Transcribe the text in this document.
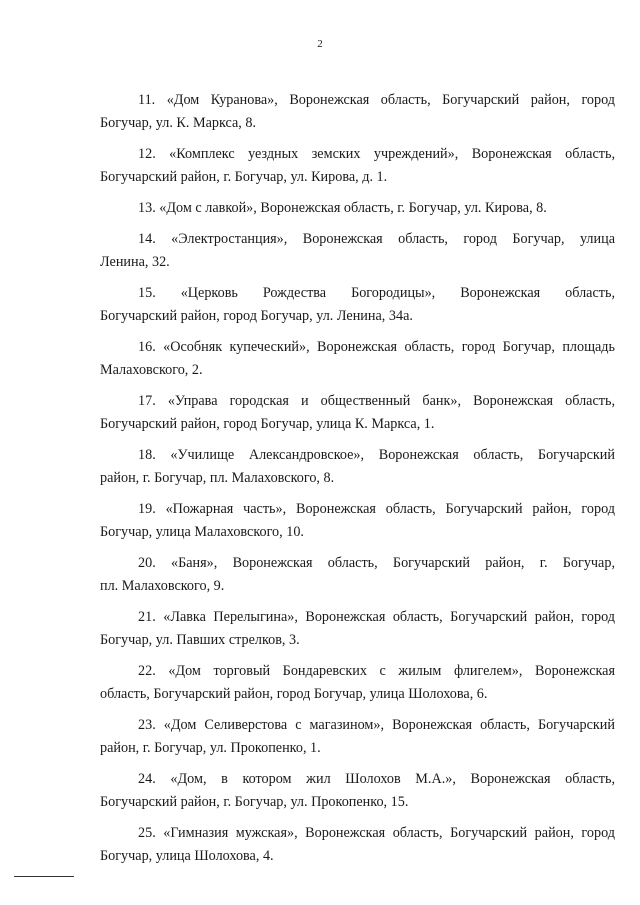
2

11. «Дом Куранова», Воронежская область, Богучарский район, город
Богучар, ул. К. Маркса, 8.

12. «Комплекс уездных земских учреждений», Воронежская область,
Богучарский район, г. Богучар, ул. Кирова, д. 1.

13. «Дом с лавкой», Воронежская область, г. Богучар, ул. Кирова, 8.

14. «Электростанция», Воронежская область, город Богучар, улица
Ленина, 32.

15. «Церковь Рождества Богородицы», Воронежская область,
Богучарский район, город Богучар, ул. Ленина, 34а.

16. «Особняк купеческий», Воронежская область, город Богучар, площадь
Малаховского, 2.

17. «Управа городская и общественный банк», Воронежская область,
Богучарский район, город Богучар, улица К. Маркса, 1.

18. «Училище Александровское», Воронежская область, Богучарский
район, г. Богучар, пл. Малаховского, 8.

19. «Пожарная часть», Воронежская область, Богучарский район, город
Богучар, улица Малаховского, 10.

20. «Баня», Воронежская область, Богучарский район, г. Богучар,
пл. Малаховского, 9.

21. «Лавка Перелыгина», Воронежская область, Богучарский район, город
Богучар, ул. Павших стрелков, 3.

22. «Дом торговый Бондаревских с жилым флигелем», Воронежская
область, Богучарский район, город Богучар, улица Шолохова, 6.

23. «Дом Селиверстова с магазином», Воронежская область, Богучарский
район, г. Богучар, ул. Прокопенко, 1.

24. «Дом, в котором жил Шолохов М.А.», Воронежская область,
Богучарский район, г. Богучар, ул. Прокопенко, 15.

25. «Гимназия мужская», Воронежская область, Богучарский район, город
Богучар, улица Шолохова, 4.
